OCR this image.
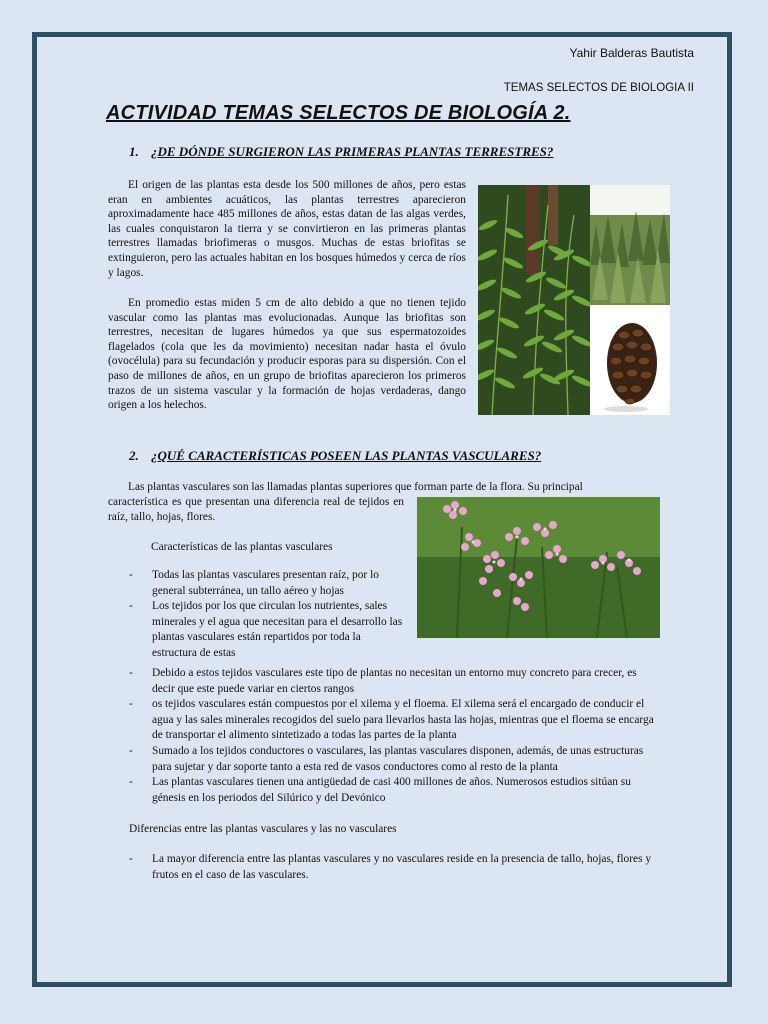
Yahir Balderas Bautista
TEMAS SELECTOS DE BIOLOGIA II
ACTIVIDAD TEMAS SELECTOS DE BIOLOGÍA 2.

1. ¿DE DÓNDE SURGIERON LAS PRIMERAS PLANTAS TERRESTRES?

El origen de las plantas esta desde los 500 millones de años, pero estas eran en ambientes acuáticos, las plantas terrestres aparecieron aproximadamente hace 485 millones de años, estas datan de las algas verdes, las cuales conquistaron la tierra y se convirtieron en las primeras plantas terrestres llamadas briofimeras o musgos. Muchas de estas briofitas se extinguieron, pero las actuales habitan en los bosques húmedos y cerca de ríos y lagos.

En promedio estas miden 5 cm de alto debido a que no tienen tejido vascular como las plantas mas evolucionadas. Aunque las briofitas son terrestres, necesitan de lugares húmedos ya que sus espermatozoides flagelados (cola que les da movimiento) necesitan nadar hasta el óvulo (ovocélula) para su fecundación y producir esporas para su dispersión. Con el paso de millones de años, en un grupo de briofitas aparecieron los primeros trazos de un sistema vascular y la formación de hojas verdaderas, dango origen a los helechos.

2. ¿QUÉ CARACTERÍSTICAS POSEEN LAS PLANTAS VASCULARES?

Las plantas vasculares son las llamadas plantas superiores que forman parte de la flora. Su principal

característica es que presentan una diferencia real de tejidos en raíz, tallo, hojas, flores.

Características de las plantas vasculares

- Todas las plantas vasculares presentan raíz, por lo general subterránea, un tallo aéreo y hojas
- Los tejidos por los que circulan los nutrientes, sales minerales y el agua que necesitan para el desarrollo las plantas vasculares están repartidos por toda la estructura de estas
- Debido a estos tejidos vasculares este tipo de plantas no necesitan un entorno muy concreto para crecer, es decir que este puede variar en ciertos rangos
- os tejidos vasculares están compuestos por el xilema y el floema. El xilema será el encargado de conducir el agua y las sales minerales recogidos del suelo para llevarlos hasta las hojas, mientras que el floema se encarga de transportar el alimento sintetizado a todas las partes de la planta
- Sumado a los tejidos conductores o vasculares, las plantas vasculares disponen, además, de unas estructuras para sujetar y dar soporte tanto a esta red de vasos conductores como al resto de la planta
- Las plantas vasculares tienen una antigüedad de casi 400 millones de años. Numerosos estudios sitúan su génesis en los periodos del Silúrico y del Devónico

Diferencias entre las plantas vasculares y las no vasculares

- La mayor diferencia entre las plantas vasculares y no vasculares reside en la presencia de tallo, hojas, flores y frutos en el caso de las vasculares.
